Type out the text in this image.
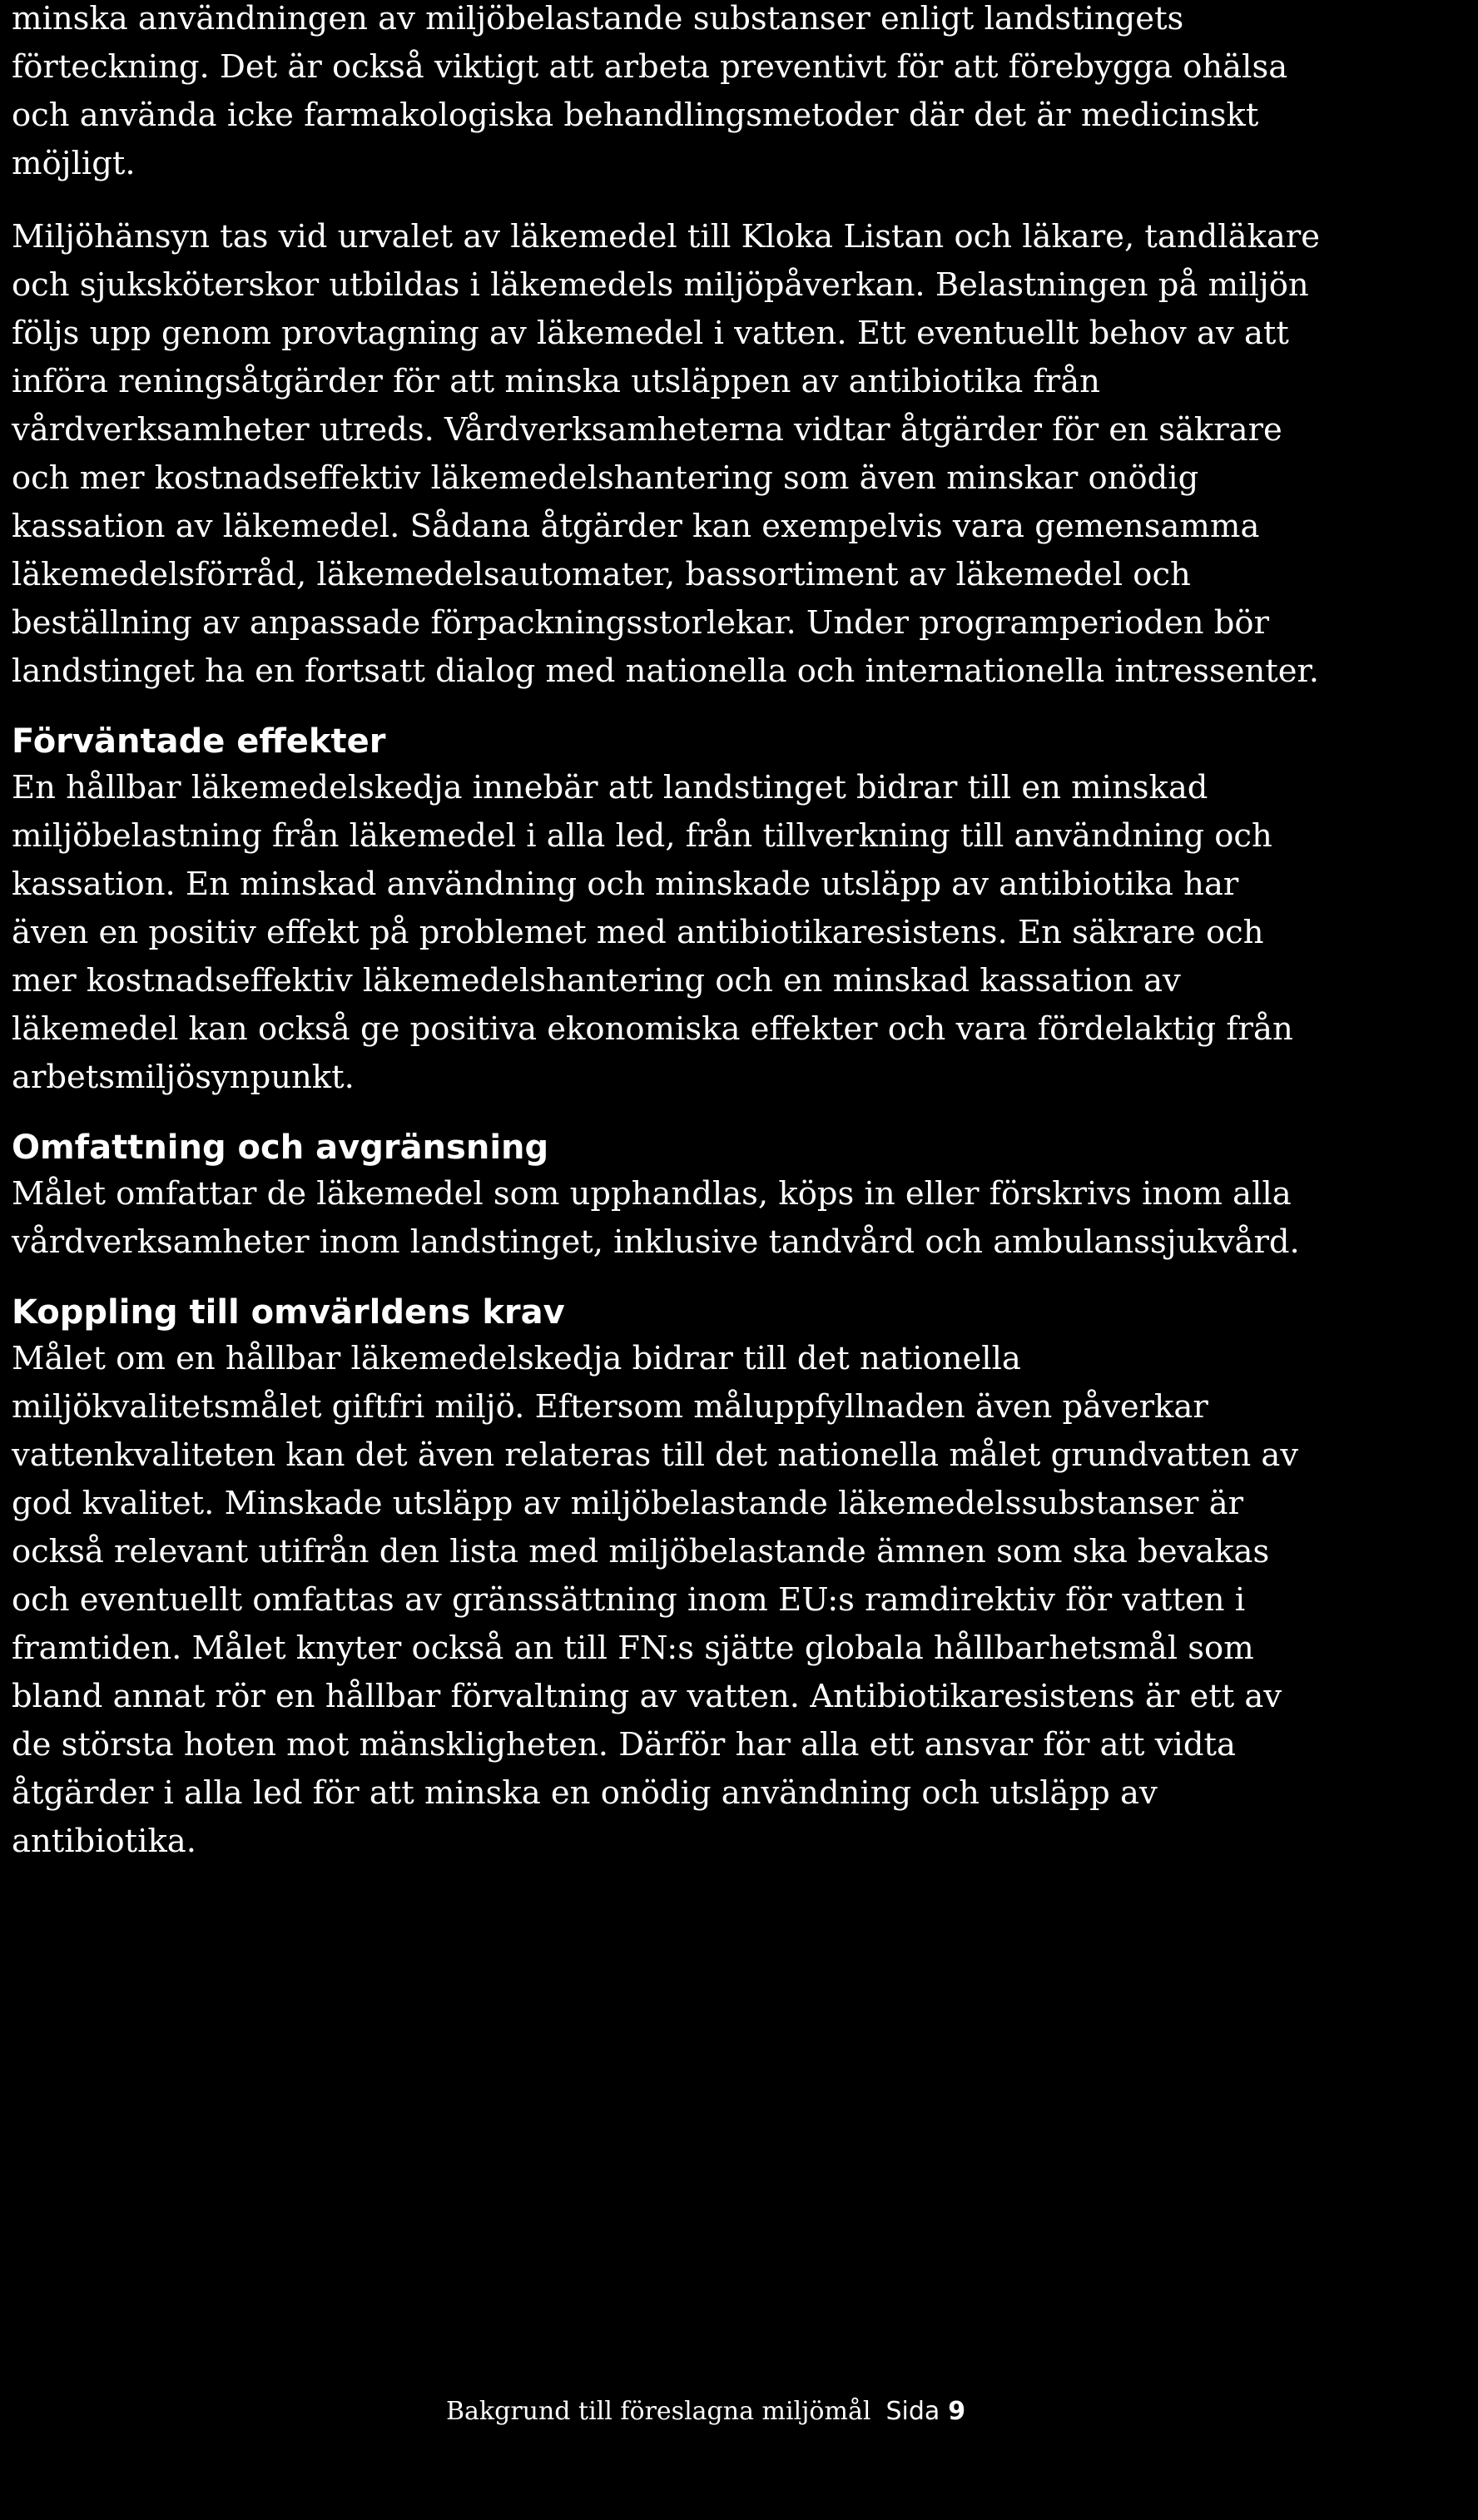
minska användningen av miljöbelastande substanser enligt landstingets
förteckning. Det är också viktigt att arbeta preventivt för att förebygga ohälsa
och använda icke farmakologiska behandlingsmetoder där det är medicinskt
möjligt.

Miljöhänsyn tas vid urvalet av läkemedel till Kloka Listan och läkare, tandläkare
och sjuksköterskor utbildas i läkemedels miljöpåverkan. Belastningen på miljön
följs upp genom provtagning av läkemedel i vatten. Ett eventuellt behov av att
införa reningsåtgärder för att minska utsläppen av antibiotika från
vårdverksamheter utreds. Vårdverksamheterna vidtar åtgärder för en säkrare
och mer kostnadseffektiv läkemedelshantering som även minskar onödig
kassation av läkemedel. Sådana åtgärder kan exempelvis vara gemensamma
läkemedelsförråd, läkemedelsautomater, bassortiment av läkemedel och
beställning av anpassade förpackningsstorlekar. Under programperioden bör
landstinget ha en fortsatt dialog med nationella och internationella intressenter.

Förväntade effekter

En hållbar läkemedelskedja innebär att landstinget bidrar till en minskad
miljöbelastning från läkemedel i alla led, från tillverkning till användning och
kassation. En minskad användning och minskade utsläpp av antibiotika har
även en positiv effekt på problemet med antibiotikaresistens. En säkrare och
mer kostnadseffektiv läkemedelshantering och en minskad kassation av
läkemedel kan också ge positiva ekonomiska effekter och vara fördelaktig från
arbetsmiljösynpunkt.

Omfattning och avgränsning

Målet omfattar de läkemedel som upphandlas, köps in eller förskrivs inom alla
vårdverksamheter inom landstinget, inklusive tandvård och ambulanssjukvård.

Koppling till omvärldens krav

Målet om en hållbar läkemedelskedja bidrar till det nationella
miljökvalitetsmålet giftfri miljö. Eftersom måluppfyllnaden även påverkar
vattenkvaliteten kan det även relateras till det nationella målet grundvatten av
god kvalitet. Minskade utsläpp av miljöbelastande läkemedelssubstanser är
också relevant utifrån den lista med miljöbelastande ämnen som ska bevakas
och eventuellt omfattas av gränssättning inom EU:s ramdirektiv för vatten i
framtiden. Målet knyter också an till FN:s sjätte globala hållbarhetsmål som
bland annat rör en hållbar förvaltning av vatten. Antibiotikaresistens är ett av
de största hoten mot mänskligheten. Därför har alla ett ansvar för att vidta
åtgärder i alla led för att minska en onödig användning och utsläpp av
antibiotika.

Bakgrund till föreslagna miljömål Sida 9
